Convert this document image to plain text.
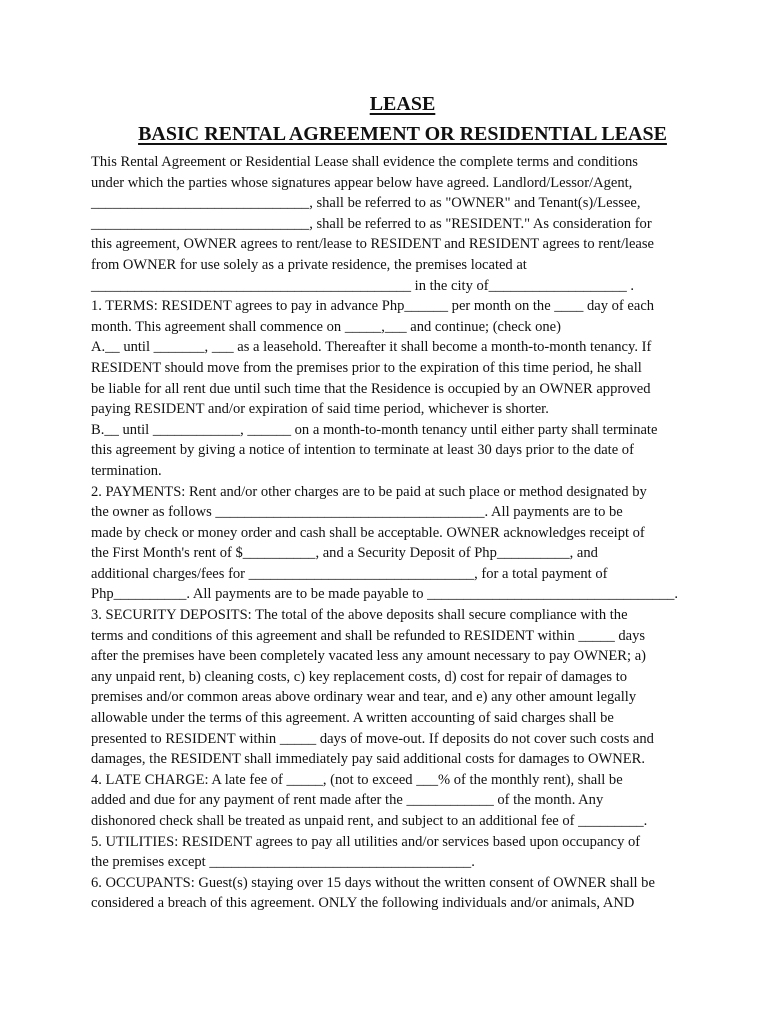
LEASE
BASIC RENTAL AGREEMENT OR RESIDENTIAL LEASE
This Rental Agreement or Residential Lease shall evidence the complete terms and conditions
under which the parties whose signatures appear below have agreed. Landlord/Lessor/Agent,
______________________________, shall be referred to as "OWNER" and Tenant(s)/Lessee,
______________________________, shall be referred to as "RESIDENT." As consideration for
this agreement, OWNER agrees to rent/lease to RESIDENT and RESIDENT agrees to rent/lease
from OWNER for use solely as a private residence, the premises located at
____________________________________________ in the city of___________________ .
1. TERMS: RESIDENT agrees to pay in advance Php______ per month on the ____ day of each
month. This agreement shall commence on _____,___ and continue; (check one)
A.__ until _______, ___ as a leasehold. Thereafter it shall become a month-to-month tenancy. If
RESIDENT should move from the premises prior to the expiration of this time period, he shall
be liable for all rent due until such time that the Residence is occupied by an OWNER approved
paying RESIDENT and/or expiration of said time period, whichever is shorter.
B.__ until ____________, ______ on a month-to-month tenancy until either party shall terminate
this agreement by giving a notice of intention to terminate at least 30 days prior to the date of
termination.
2. PAYMENTS: Rent and/or other charges are to be paid at such place or method designated by
the owner as follows _____________________________________. All payments are to be
made by check or money order and cash shall be acceptable. OWNER acknowledges receipt of
the First Month's rent of $__________, and a Security Deposit of Php__________, and
additional charges/fees for _______________________________, for a total payment of
Php__________. All payments are to be made payable to __________________________________.
3. SECURITY DEPOSITS: The total of the above deposits shall secure compliance with the
terms and conditions of this agreement and shall be refunded to RESIDENT within _____ days
after the premises have been completely vacated less any amount necessary to pay OWNER; a)
any unpaid rent, b) cleaning costs, c) key replacement costs, d) cost for repair of damages to
premises and/or common areas above ordinary wear and tear, and e) any other amount legally
allowable under the terms of this agreement. A written accounting of said charges shall be
presented to RESIDENT within _____ days of move-out. If deposits do not cover such costs and
damages, the RESIDENT shall immediately pay said additional costs for damages to OWNER.
4. LATE CHARGE: A late fee of _____, (not to exceed ___% of the monthly rent), shall be
added and due for any payment of rent made after the ____________ of the month. Any
dishonored check shall be treated as unpaid rent, and subject to an additional fee of _________.
5. UTILITIES: RESIDENT agrees to pay all utilities and/or services based upon occupancy of
the premises except ____________________________________.
6. OCCUPANTS: Guest(s) staying over 15 days without the written consent of OWNER shall be
considered a breach of this agreement. ONLY the following individuals and/or animals, AND
